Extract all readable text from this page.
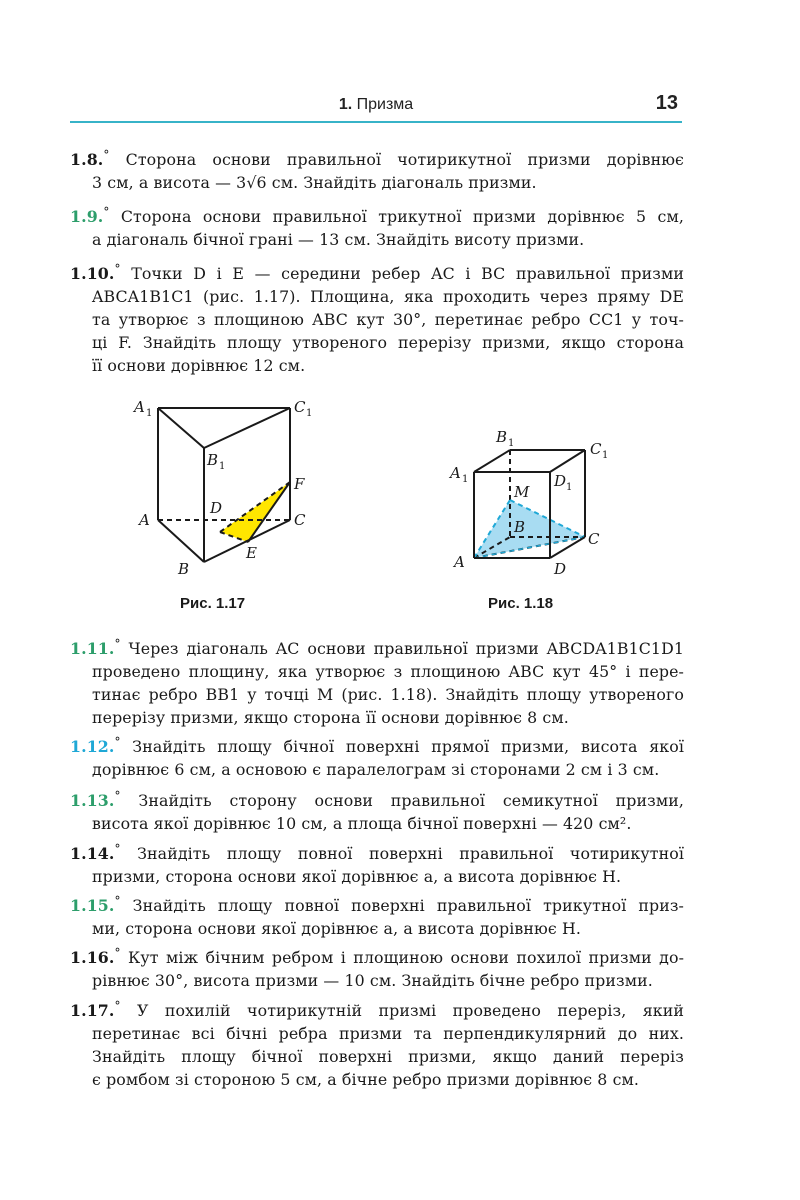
1. Призма	13
1.8.° Сторона основи правильної чотирикутної призми дорівнює
3 см, а висота — 3√6 см. Знайдіть діагональ призми.
1.9.° Сторона основи правильної трикутної призми дорівнює 5 см,
а діагональ бічної грані — 13 см. Знайдіть висоту призми.
1.10.° Точки D і E — середини ребер AC і BC правильної призми
ABCA1B1C1 (рис. 1.17). Площина, яка проходить через пряму DE
та утворює з площиною ABC кут 30°, перетинає ребро CC1 у точ-
ці F. Знайдіть площу утвореного перерізу призми, якщо сторона
її основи дорівнює 12 см.
A 1	C 1
B 1
A
B
C
D
E
F
Рис. 1.17
A 1
B 1	C 1
D 1
M
B
C
D
A
Рис. 1.18
1.11.° Через діагональ AC основи правильної призми ABCDA1B1C1D1
проведено площину, яка утворює з площиною ABC кут 45° і пере-
тинає ребро BB1 у точці M (рис. 1.18). Знайдіть площу утвореного
перерізу призми, якщо сторона її основи дорівнює 8 см.
1.12.° Знайдіть площу бічної поверхні прямої призми, висота якої
дорівнює 6 см, а основою є паралелограм зі сторонами 2 см і 3 см.
1.13.° Знайдіть сторону основи правильної семикутної призми,
висота якої дорівнює 10 см, а площа бічної поверхні — 420 см².
1.14.° Знайдіть площу повної поверхні правильної чотирикутної
призми, сторона основи якої дорівнює a, а висота дорівнює H.
1.15.° Знайдіть площу повної поверхні правильної трикутної приз-
ми, сторона основи якої дорівнює a, а висота дорівнює H.
1.16.° Кут між бічним ребром і площиною основи похилої призми до-
рівнює 30°, висота призми — 10 см. Знайдіть бічне ребро призми.
1.17.° У похилій чотирикутній призмі проведено переріз, який
перетинає всі бічні ребра призми та перпендикулярний до них.
Знайдіть площу бічної поверхні призми, якщо даний переріз
є ромбом зі стороною 5 см, а бічне ребро призми дорівнює 8 см.
